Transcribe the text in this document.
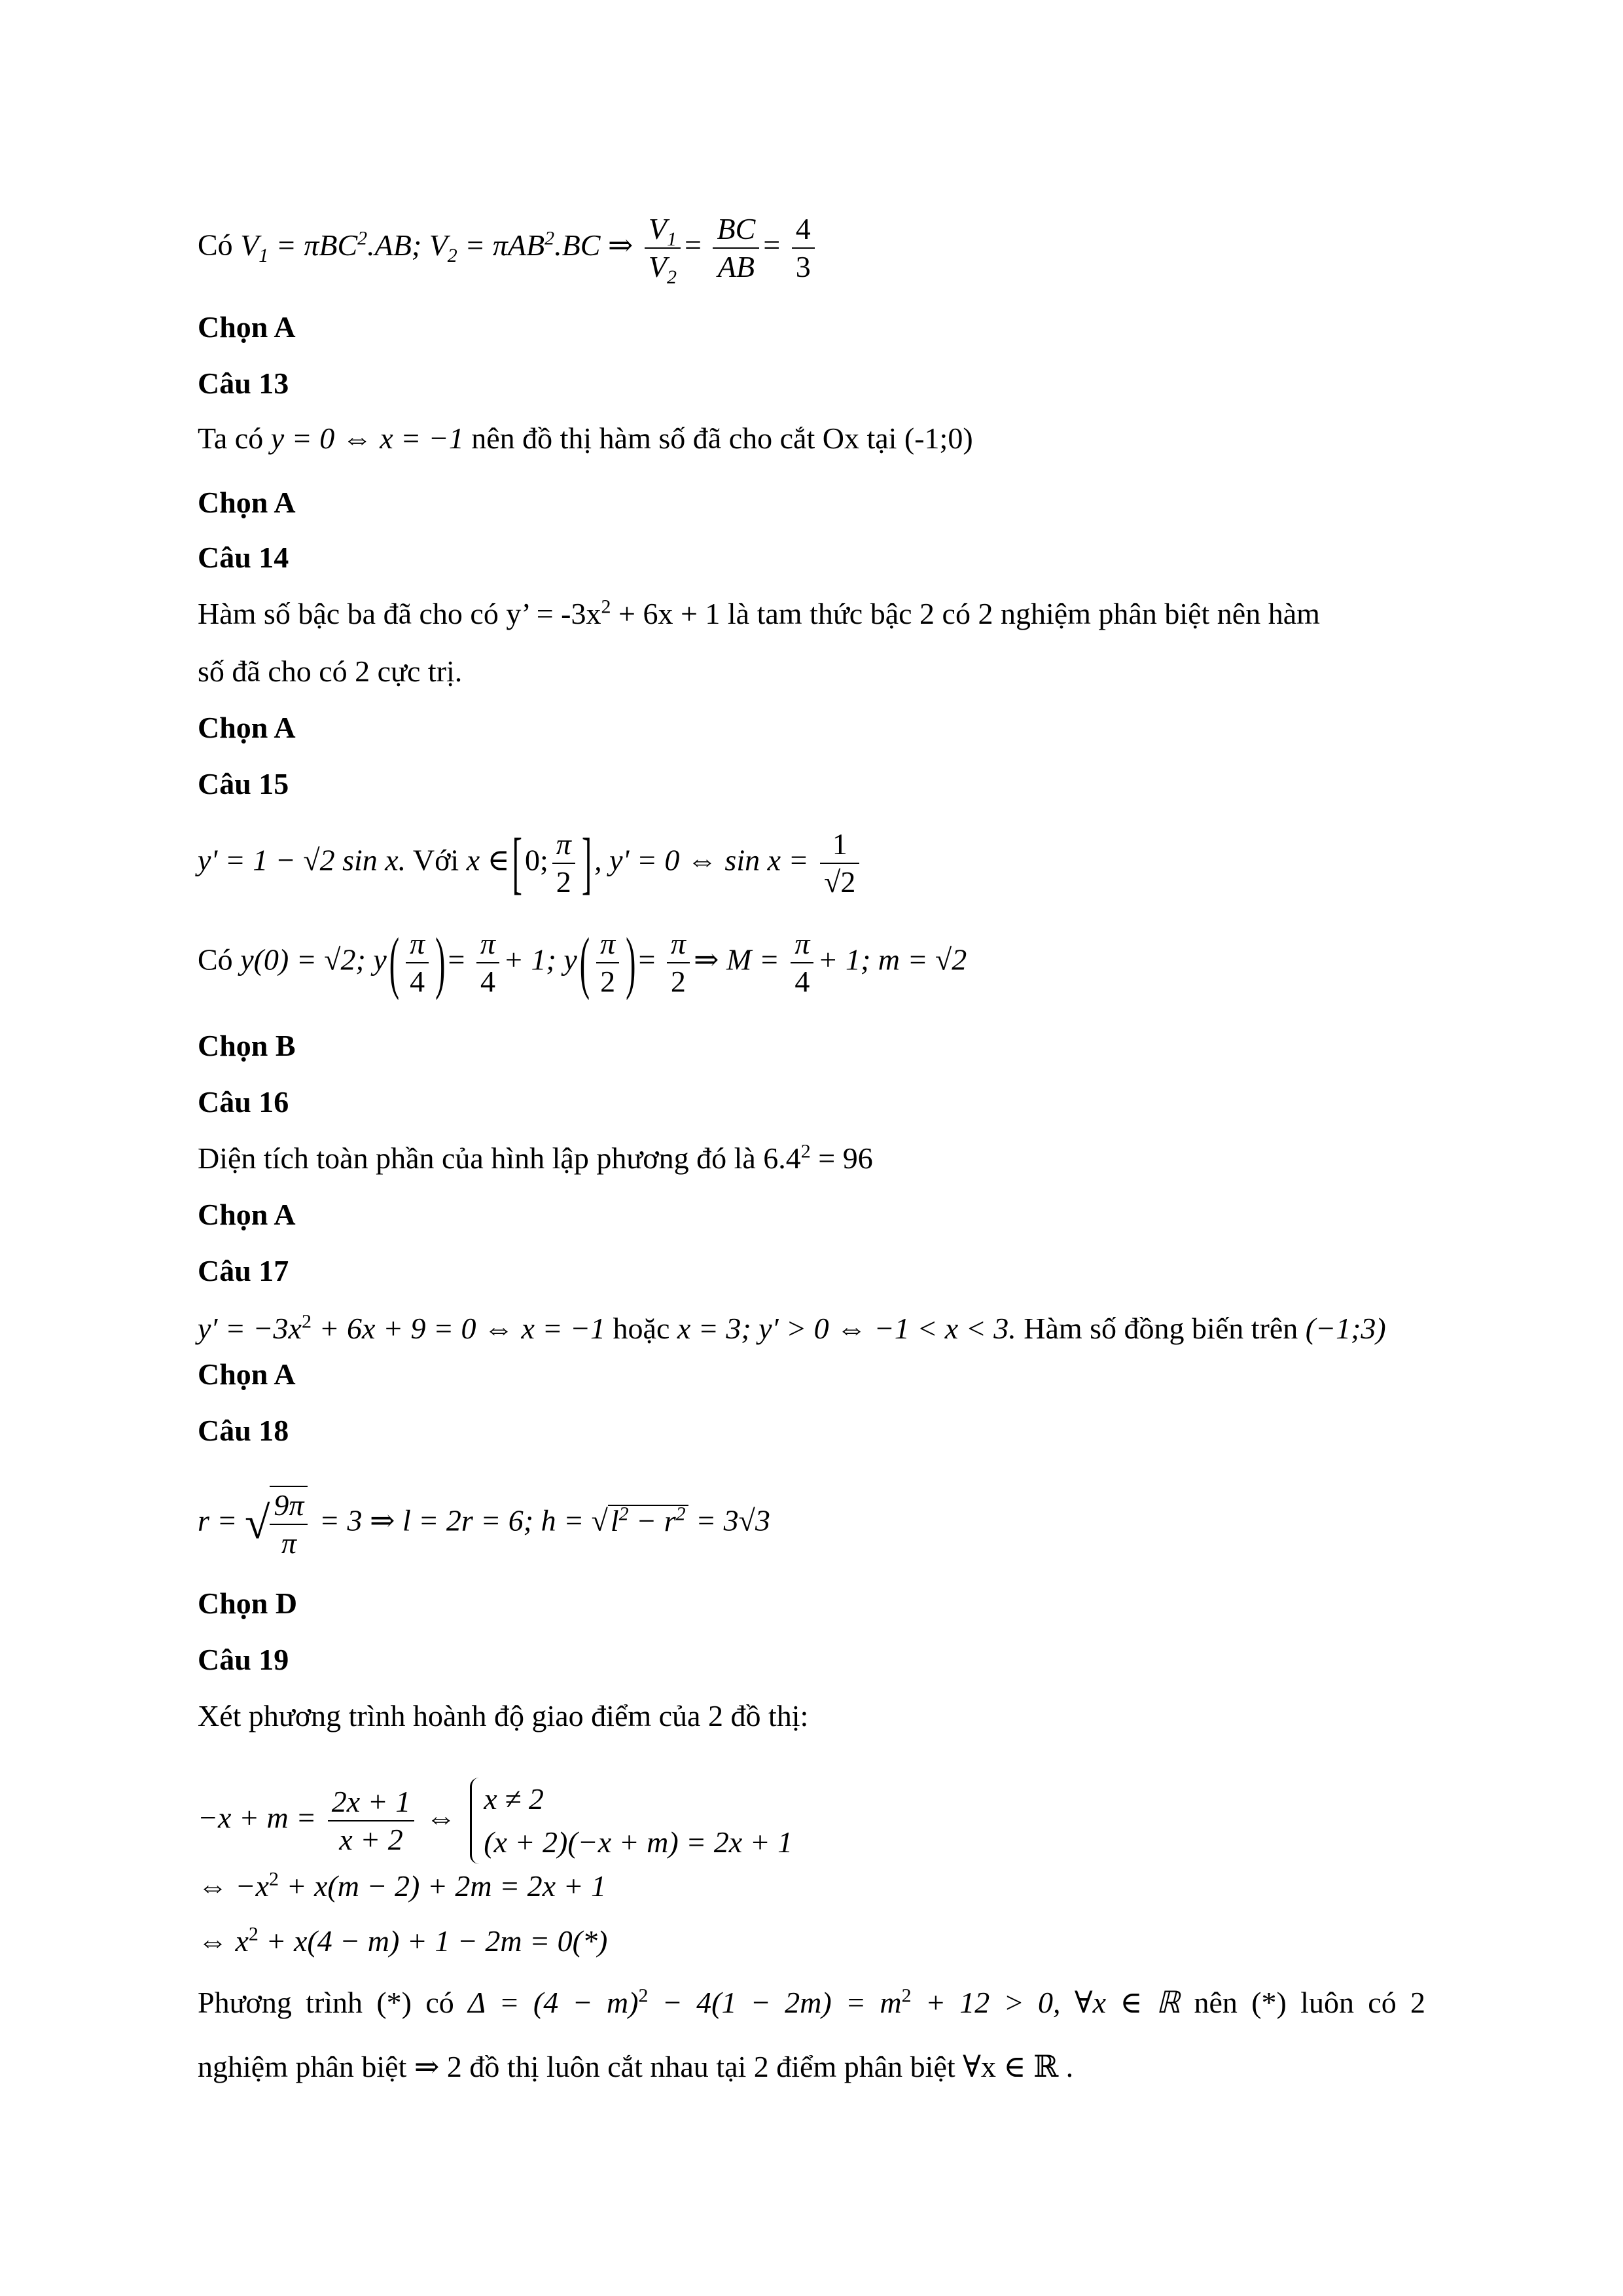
Có $V_1 = \pi BC^2.AB$; $V_2 = \pi AB^2.BC$ ⇒ $\frac{V_1}{V_2} = \frac{BC}{AB} = \frac{4}{3}$
Chọn A
Câu 13
Ta có y = 0 ⇔ x = −1 nên đồ thị hàm số đã cho cắt Ox tại (-1;0)
Chọn A
Câu 14
Hàm số bậc ba đã cho có y’ = $-3x^2 + 6x + 1$ là tam thức bậc 2 có 2 nghiệm phân biệt nên hàm
số đã cho có 2 cực trị.
Chọn A
Câu 15
y' = 1 − √2 sin x. Với x ∈[0; $\frac{\pi}{2}$ ], y' = 0 ⇔ $\sin x = \frac{1}{√2}$
Có y(0) = √2; $y( \frac{\pi}{4}$ )= $\frac{\pi}{4} + 1$; $y( \frac{\pi}{2}$ )= $\frac{\pi}{2}$ ⇒ $M = \frac{\pi}{4} + 1$; m = √2
Chọn B
Câu 16
Diện tích toàn phần của hình lập phương đó là $6.4^2 = 96$
Chọn A
Câu 17
$y' = -3x^2 + 6x + 9 = 0$ ⇔ x = −1 hoặc x = 3; y′ > 0 ⇔ −1 < x < 3. Hàm số đồng biến trên (−1;3)
Chọn A
Câu 18
r = √ $\frac{9\pi}{\pi} = 3$ ⇒ l = 2r = 6; $h = √l^2 - r^2 = 3√3$
Chọn D
Câu 19
Xét phương trình hoành độ giao điểm của 2 đồ thị:
$-x + m = \frac{2x + 1}{x + 2}$ ⇔
x ≠ 2
(x + 2)(−x + m) = 2x + 1
⇔ $-x^2 + x(m - 2) + 2m = 2x + 1$
⇔ $x^2 + x(4 - m) + 1 - 2m = 0(*)$
Phương trình (*) có $\Delta = (4 - m)^2 - 4(1 - 2m) = m^2 + 12 > 0$, ∀x ∈ ℝ nên (*) luôn có 2
nghiệm phân biệt ⇒ 2 đồ thị luôn cắt nhau tại 2 điểm phân biệt ∀x ∈ ℝ .
